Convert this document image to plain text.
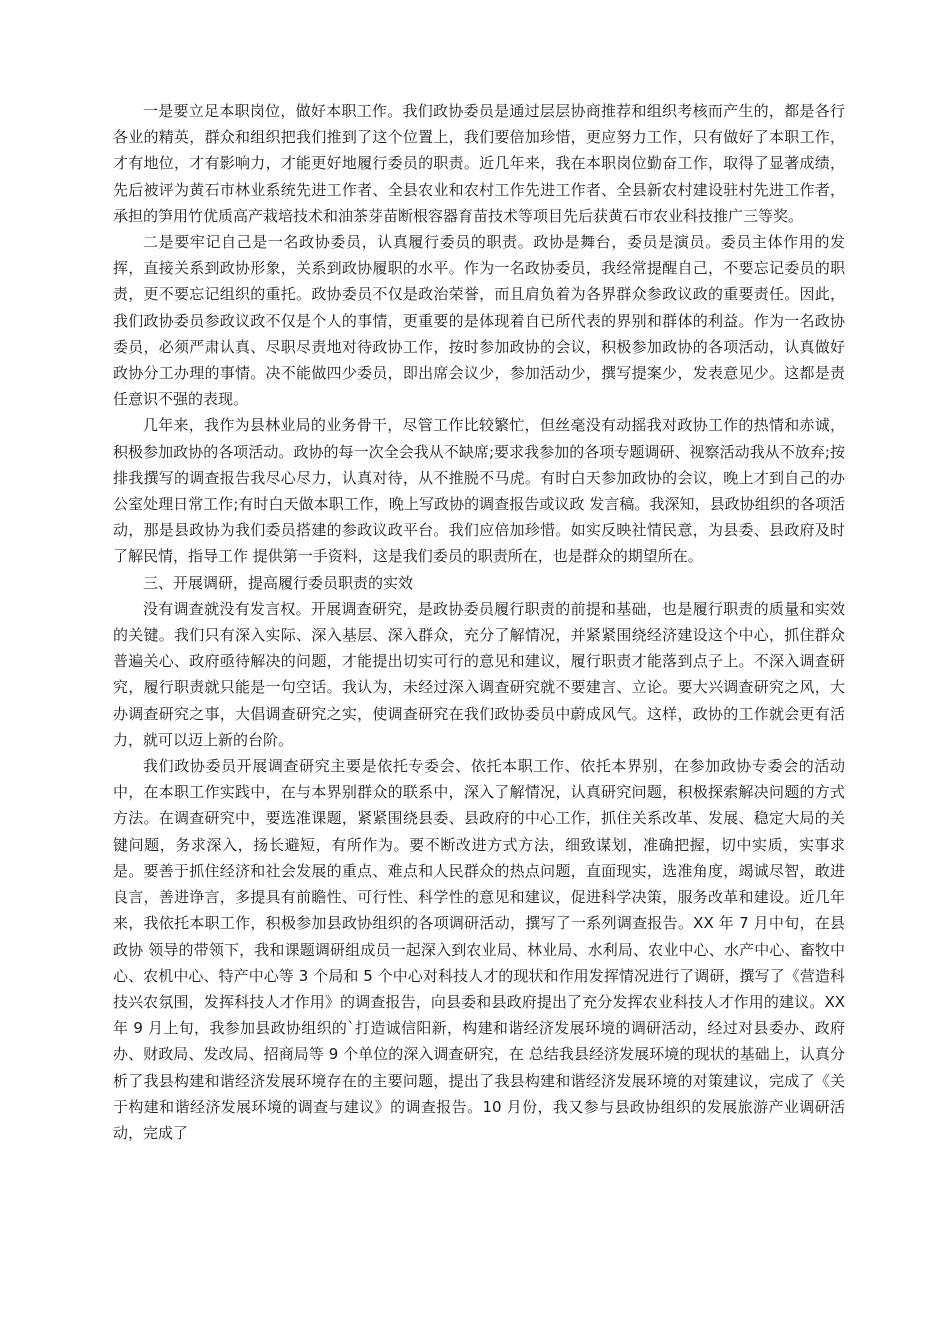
一是要立足本职岗位，做好本职工作。我们政协委员是通过层层协商推荐和组织考核而产生的，都是各行各业的精英，群众和组织把我们推到了这个位置上，我们要倍加珍惜，更应努力工作，只有做好了本职工作，才有地位，才有影响力，才能更好地履行委员的职责。近几年来，我在本职岗位勤奋工作，取得了显著成绩，先后被评为黄石市林业系统先进工作者、全县农业和农村工作先进工作者、全县新农村建设驻村先进工作者，承担的笋用竹优质高产栽培技术和油茶芽苗断根容器育苗技术等项目先后获黄石市农业科技推广三等奖。

二是要牢记自己是一名政协委员，认真履行委员的职责。政协是舞台，委员是演员。委员主体作用的发挥，直接关系到政协形象，关系到政协履职的水平。作为一名政协委员，我经常提醒自己，不要忘记委员的职责，更不要忘记组织的重托。政协委员不仅是政治荣誉，而且肩负着为各界群众参政议政的重要责任。因此，我们政协委员参政议政不仅是个人的事情，更重要的是体现着自已所代表的界别和群体的利益。作为一名政协委员，必须严肃认真、尽职尽责地对待政协工作，按时参加政协的会议，积极参加政协的各项活动，认真做好政协分工办理的事情。决不能做四少委员，即出席会议少，参加活动少，撰写提案少，发表意见少。这都是责任意识不强的表现。

几年来，我作为县林业局的业务骨干，尽管工作比较繁忙，但丝毫没有动摇我对政协工作的热情和赤诚，积极参加政协的各项活动。政协的每一次全会我从不缺席;要求我参加的各项专题调研、视察活动我从不放弃;按排我撰写的调查报告我尽心尽力，认真对待，从不推脱不马虎。有时白天参加政协的会议，晚上才到自己的办公室处理日常工作;有时白天做本职工作，晚上写政协的调查报告或议政 发言稿。我深知，县政协组织的各项活动，那是县政协为我们委员搭建的参政议政平台。我们应倍加珍惜。如实反映社情民意，为县委、县政府及时了解民情，指导工作 提供第一手资料，这是我们委员的职责所在，也是群众的期望所在。

三、开展调研，提高履行委员职责的实效

没有调查就没有发言权。开展调查研究，是政协委员履行职责的前提和基础，也是履行职责的质量和实效的关键。我们只有深入实际、深入基层、深入群众，充分了解情况，并紧紧围绕经济建设这个中心，抓住群众普遍关心、政府亟待解决的问题，才能提出切实可行的意见和建议，履行职责才能落到点子上。不深入调查研究，履行职责就只能是一句空话。我认为，未经过深入调查研究就不要建言、立论。要大兴调查研究之风，大办调查研究之事，大倡调查研究之实，使调查研究在我们政协委员中蔚成风气。这样，政协的工作就会更有活力，就可以迈上新的台阶。

我们政协委员开展调查研究主要是依托专委会、依托本职工作、依托本界别，在参加政协专委会的活动中，在本职工作实践中，在与本界别群众的联系中，深入了解情况，认真研究问题，积极探索解决问题的方式方法。在调查研究中，要选准课题，紧紧围绕县委、县政府的中心工作，抓住关系改革、发展、稳定大局的关键问题，务求深入，扬长避短，有所作为。要不断改进方式方法，细致谋划，准确把握，切中实质，实事求是。要善于抓住经济和社会发展的重点、难点和人民群众的热点问题，直面现实，选准角度，竭诚尽智，敢进良言，善进诤言，多提具有前瞻性、可行性、科学性的意见和建议，促进科学决策，服务改革和建设。近几年来，我依托本职工作，积极参加县政协组织的各项调研活动，撰写了一系列调查报告。XX 年 7 月中旬，在县政协 领导的带领下，我和课题调研组成员一起深入到农业局、林业局、水利局、农业中心、水产中心、畜牧中心、农机中心、特产中心等 3 个局和 5 个中心对科技人才的现状和作用发挥情况进行了调研，撰写了《营造科技兴农氛围，发挥科技人才作用》的调查报告，向县委和县政府提出了充分发挥农业科技人才作用的建议。XX 年 9 月上旬，我参加县政协组织的`打造诚信阳新，构建和谐经济发展环境的调研活动，经过对县委办、政府办、财政局、发改局、招商局等 9 个单位的深入调查研究，在 总结我县经济发展环境的现状的基础上，认真分析了我县构建和谐经济发展环境存在的主要问题，提出了我县构建和谐经济发展环境的对策建议，完成了《关于构建和谐经济发展环境的调查与建议》的调查报告。10 月份，我又参与县政协组织的发展旅游产业调研活动，完成了
